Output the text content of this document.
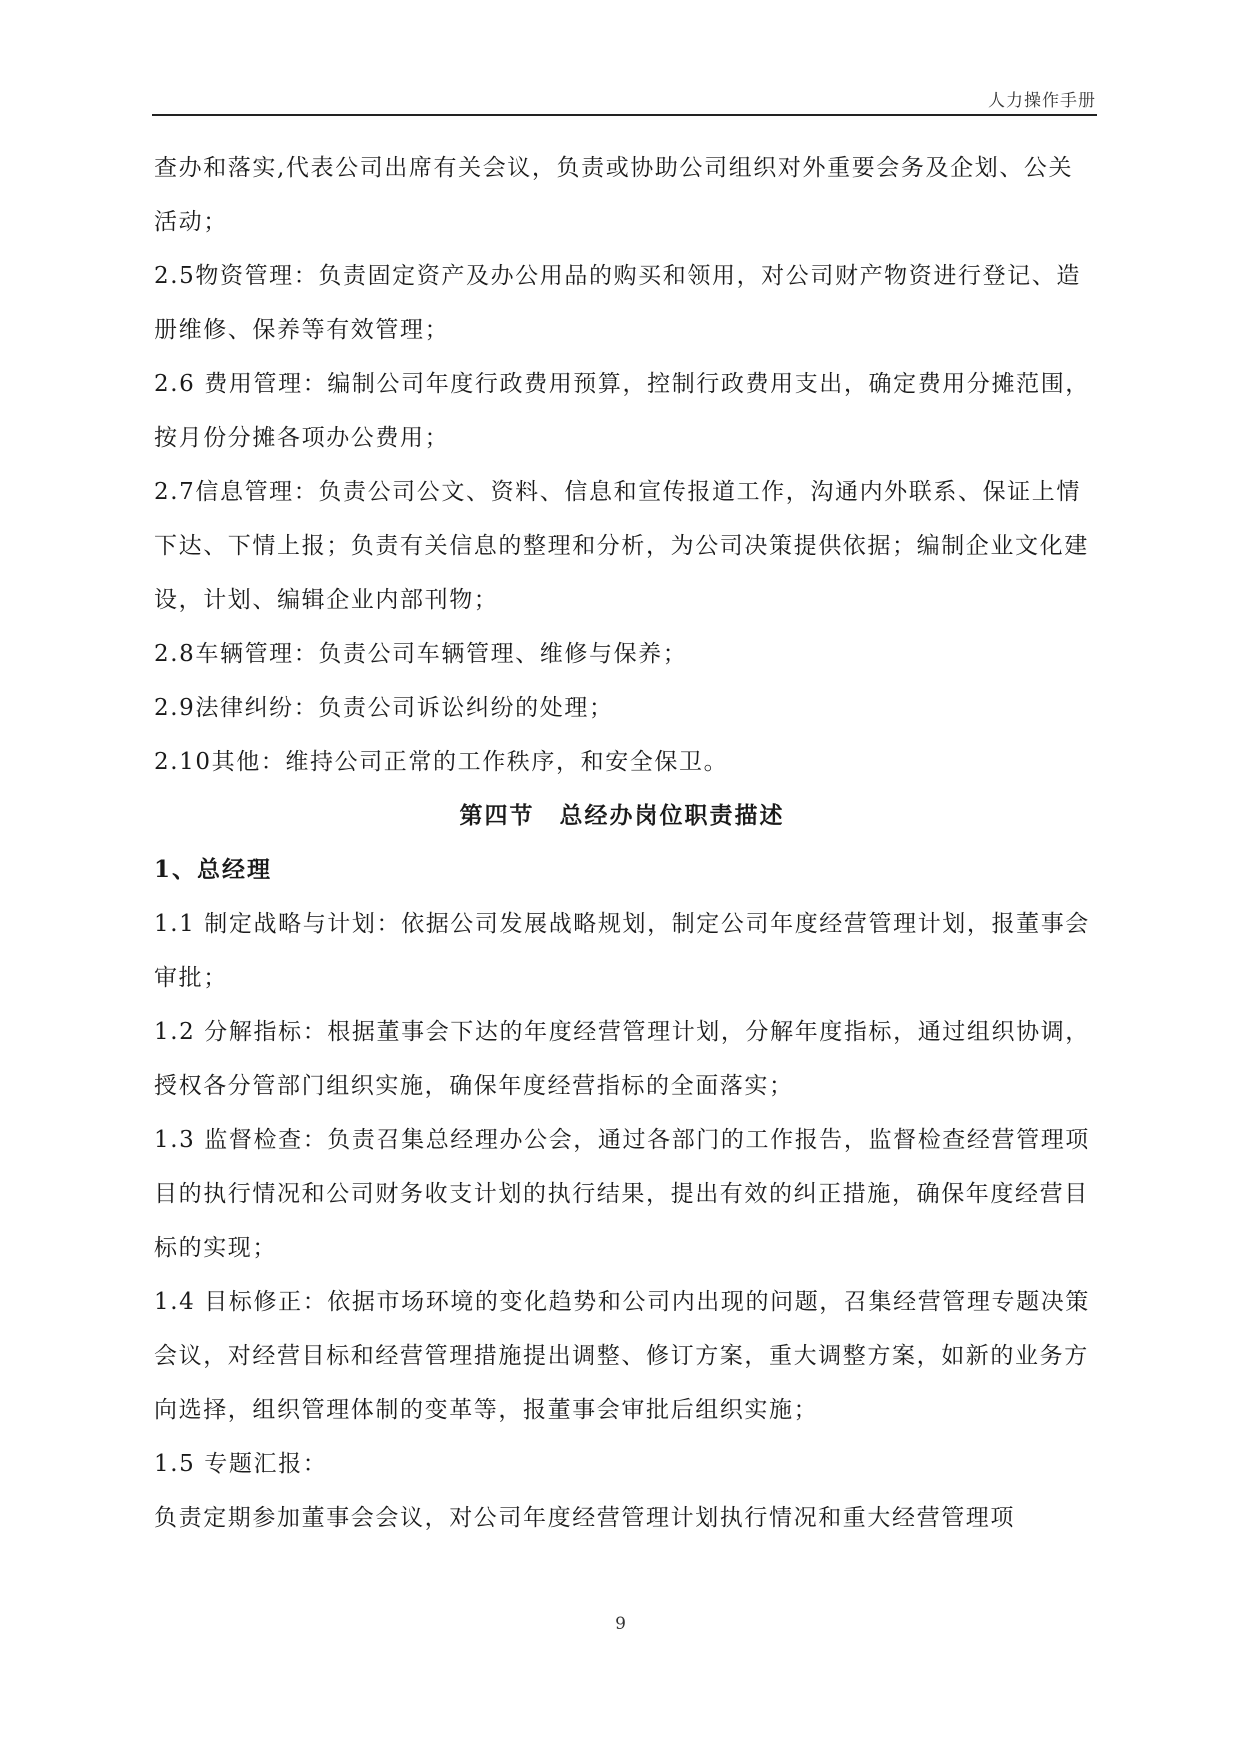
人力操作手册

查办和落实,代表公司出席有关会议，负责或协助公司组织对外重要会务及企划、公关活动；

2.5物资管理：负责固定资产及办公用品的购买和领用，对公司财产物资进行登记、造册维修、保养等有效管理；

2.6 费用管理：编制公司年度行政费用预算，控制行政费用支出，确定费用分摊范围，按月份分摊各项办公费用；

2.7信息管理：负责公司公文、资料、信息和宣传报道工作，沟通内外联系、保证上情下达、下情上报；负责有关信息的整理和分析，为公司决策提供依据；编制企业文化建设，计划、编辑企业内部刊物；

2.8车辆管理：负责公司车辆管理、维修与保养；

2.9法律纠纷：负责公司诉讼纠纷的处理；

2.10其他：维持公司正常的工作秩序，和安全保卫。

第四节　总经办岗位职责描述

1、总经理

1.1 制定战略与计划：依据公司发展战略规划，制定公司年度经营管理计划，报董事会审批；

1.2 分解指标：根据董事会下达的年度经营管理计划，分解年度指标，通过组织协调，授权各分管部门组织实施，确保年度经营指标的全面落实；

1.3 监督检查：负责召集总经理办公会，通过各部门的工作报告，监督检查经营管理项目的执行情况和公司财务收支计划的执行结果，提出有效的纠正措施，确保年度经营目标的实现；

1.4 目标修正：依据市场环境的变化趋势和公司内出现的问题，召集经营管理专题决策会议，对经营目标和经营管理措施提出调整、修订方案，重大调整方案，如新的业务方向选择，组织管理体制的变革等，报董事会审批后组织实施；

1.5 专题汇报：

负责定期参加董事会会议，对公司年度经营管理计划执行情况和重大经营管理项

9
